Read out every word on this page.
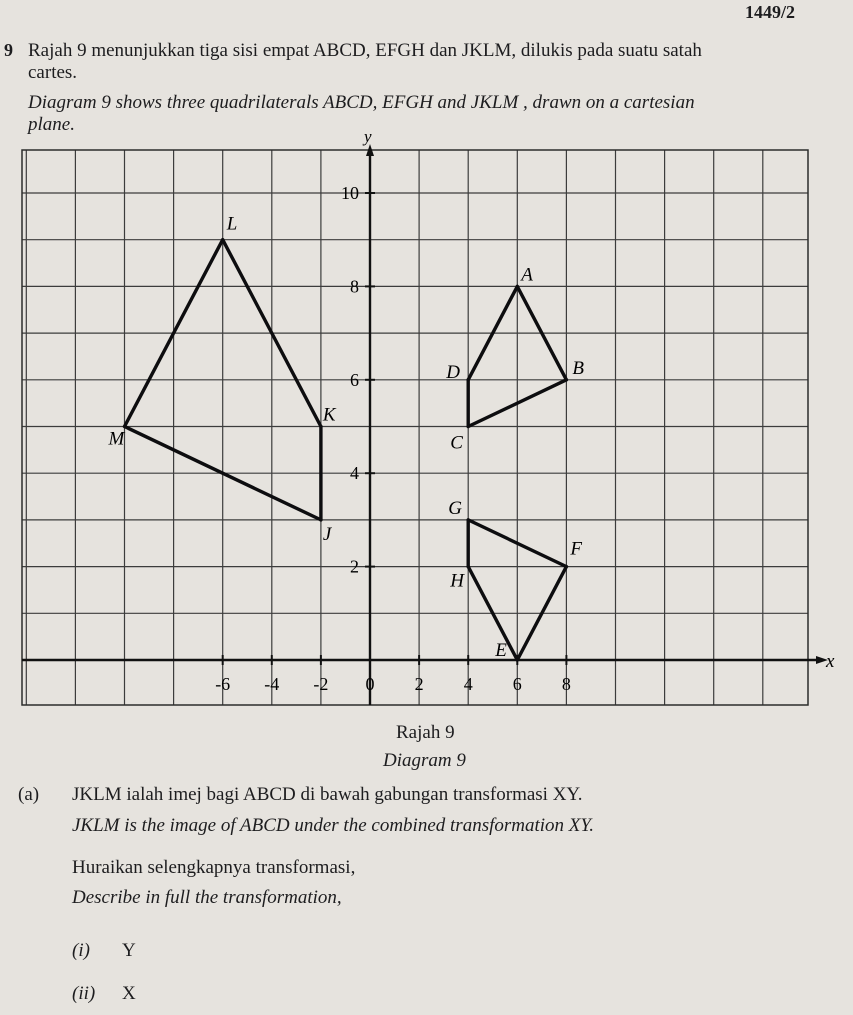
1449/2
9 Rajah 9 menunjukkan tiga sisi empat ABCD, EFGH dan JKLM, dilukis pada suatu satah
cartes.
Diagram 9 shows three quadrilaterals ABCD, EFGH and JKLM , drawn on a cartesian
plane.
x
y
-6 -4 -2 0 2 4 6 8
2
4
6
8
10
A
B
C
D
E
F
G
H
J
K
L
M
Rajah 9
Diagram 9
(a) JKLM ialah imej bagi ABCD di bawah gabungan transformasi XY.
JKLM is the image of ABCD under the combined transformation XY.
Huraikan selengkapnya transformasi,
Describe in full the transformation,
(i) Y
(ii) X
